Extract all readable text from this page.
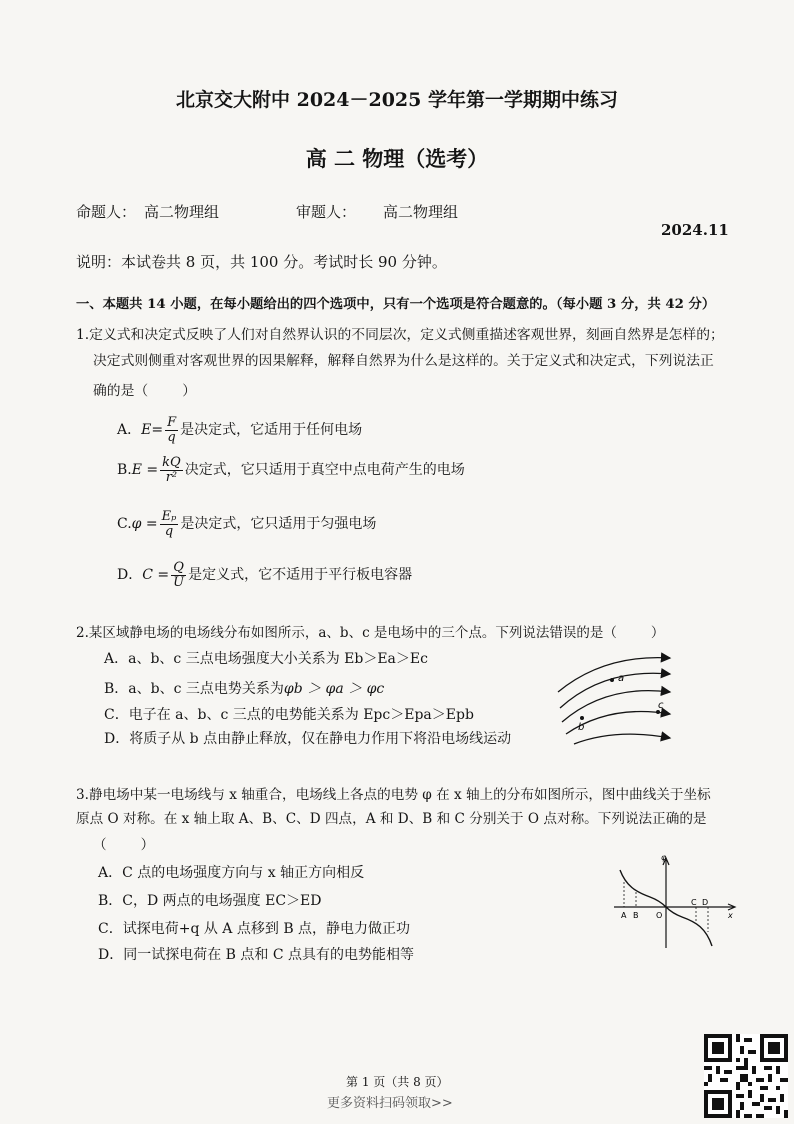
北京交大附中 2024－2025 学年第一学期期中练习
高 二 物理（选考）
命题人： 高二物理组	审题人： 高二物理组
2024.11
说明：本试卷共 8 页，共 100 分。考试时长 90 分钟。
一、本题共 14 小题，在每小题给出的四个选项中，只有一个选项是符合题意的。（每小题 3 分，共 42 分）
1.定义式和决定式反映了人们对自然界认识的不同层次，定义式侧重描述客观世界，刻画自然界是怎样的；
决定式则侧重对客观世界的因果解释，解释自然界为什么是这样的。关于定义式和决定式，下列说法正
确的是（ ）
A．$E= \frac{F}{q}$ 是决定式，它适用于任何电场
$B.E = \frac{kQ}{\text{r²}}$ 决定式，它只适用于真空中点电荷产生的电场
$C.\varphi = \frac{\text{Eₚ}}{q}$ 是决定式，它只适用于匀强电场
D．$C = \frac{Q}{U}$ 是定义式，它不适用于平行板电容器
2.某区域静电场的电场线分布如图所示，a、b、c 是电场中的三个点。下列说法错误的是（	）
A．a、b、c 三点电场强度大小关系为 Eb＞Ea＞Ec
B．a、b、c 三点电势关系为φb ＞ φa ＞ φc
C．电子在 a、b、c 三点的电势能关系为 Epc＞Epa＞Epb
D．将质子从 b 点由静止释放，仅在静电力作用下将沿电场线运动
a
b
c
3.静电场中某一电场线与 x 轴重合，电场线上各点的电势 φ 在 x 轴上的分布如图所示，图中曲线关于坐标
原点 O 对称。在 x 轴上取 A、B、C、D 四点，A 和 D、B 和 C 分别关于 O 点对称。下列说法正确的是
（	）
A．C 点的电场强度方向与 x 轴正方向相反
B．C，D 两点的电场强度 EC＞ED
C．试探电荷+q 从 A 点移到 B 点，静电力做正功
D．同一试探电荷在 B 点和 C 点具有的电势能相等
φ
x
O
A B
C D
第 1 页（共 8 页）
更多资料扫码领取>>
